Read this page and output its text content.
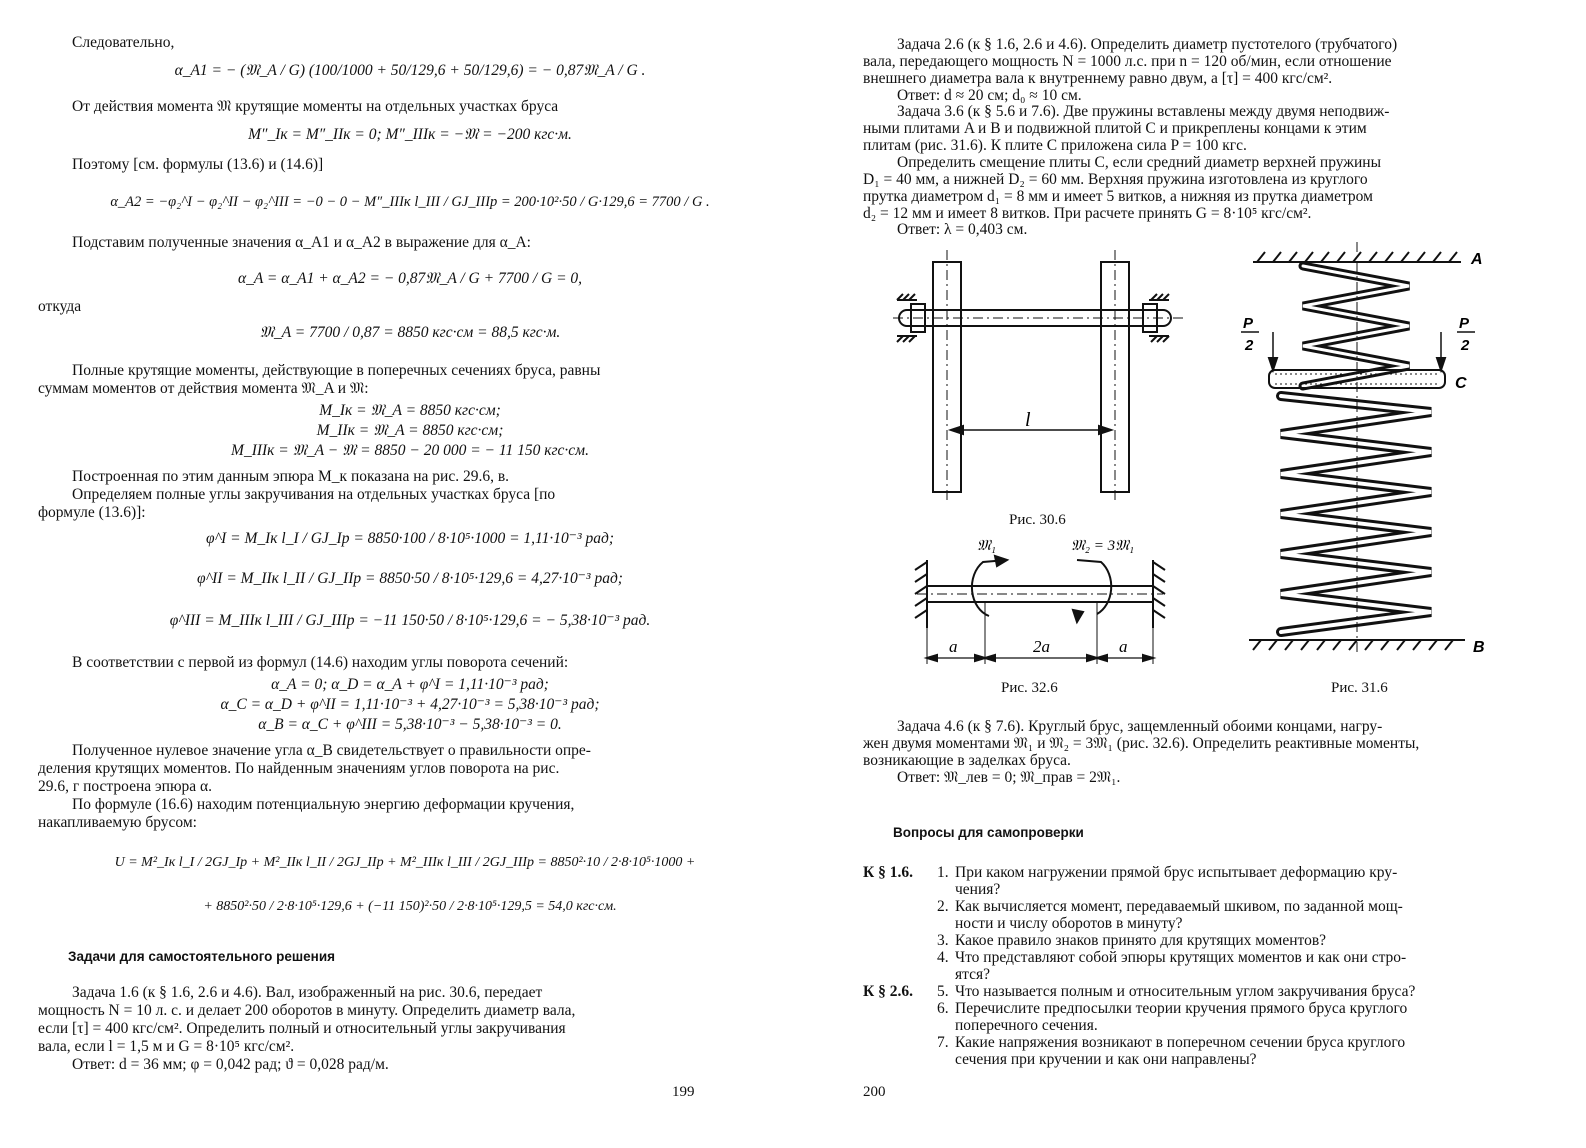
Следовательно,
α_A1 = − (𝔐_A / G) (100/1000 + 50/129,6 + 50/129,6) = − 0,87𝔐_A / G .
От действия момента 𝔐 крутящие моменты на отдельных участках бруса
M″_Iк = M″_IIк = 0; M″_IIIк = −𝔐 = −200 кгс·м.
Поэтому [см. формулы (13.6) и (14.6)]
α_A2 = −φ₂^I − φ₂^II − φ₂^III = −0 − 0 − M″_IIIк l_III / GJ_IIIp = 200·10²·50 / G·129,6 = 7700 / G .
Подставим полученные значения α_A1 и α_A2 в выражение для α_A:
α_A = α_A1 + α_A2 = − 0,87𝔐_A / G + 7700 / G = 0,
откуда
𝔐_A = 7700 / 0,87 = 8850 кгс·см = 88,5 кгс·м.
Полные крутящие моменты, действующие в поперечных сечениях бруса, равны
суммам моментов от действия момента 𝔐_A и 𝔐:
M_Iк = 𝔐_A = 8850 кгс·см;
M_IIк = 𝔐_A = 8850 кгс·см;
M_IIIк = 𝔐_A − 𝔐 = 8850 − 20 000 = − 11 150 кгс·см.
Построенная по этим данным эпюра M_к показана на рис. 29.6, в.
Определяем полные углы закручивания на отдельных участках бруса [по
формуле (13.6)]:
φ^I = M_Iк l_I / GJ_Ip = 8850·100 / 8·10⁵·1000 = 1,11·10⁻³ рад;
φ^II = M_IIк l_II / GJ_IIp = 8850·50 / 8·10⁵·129,6 = 4,27·10⁻³ рад;
φ^III = M_IIIк l_III / GJ_IIIp = −11 150·50 / 8·10⁵·129,6 = − 5,38·10⁻³ рад.
В соответствии с первой из формул (14.6) находим углы поворота сечений:
α_A = 0; α_D = α_A + φ^I = 1,11·10⁻³ рад;
α_C = α_D + φ^II = 1,11·10⁻³ + 4,27·10⁻³ = 5,38·10⁻³ рад;
α_B = α_C + φ^III = 5,38·10⁻³ − 5,38·10⁻³ = 0.
Полученное нулевое значение угла α_B свидетельствует о правильности опре-
деления крутящих моментов. По найденным значениям углов поворота на рис.
29.6, г построена эпюра α.
По формуле (16.6) находим потенциальную энергию деформации кручения,
накапливаемую брусом:
U = M²_Iк l_I / 2GJ_Ip + M²_IIк l_II / 2GJ_IIp + M²_IIIк l_III / 2GJ_IIIp = 8850²·10 / 2·8·10⁵·1000 +
+ 8850²·50 / 2·8·10⁵·129,6 + (−11 150)²·50 / 2·8·10⁵·129,5 = 54,0 кгс·см.
Задачи для самостоятельного решения
Задача 1.6 (к § 1.6, 2.6 и 4.6). Вал, изображенный на рис. 30.6, передает
мощность N = 10 л. с. и делает 200 оборотов в минуту. Определить диаметр вала,
если [τ] = 400 кгс/см². Определить полный и относительный углы закручивания
вала, если l = 1,5 м и G = 8·10⁵ кгс/см².
Ответ: d = 36 мм; φ = 0,042 рад; ϑ = 0,028 рад/м.
199
Задача 2.6 (к § 1.6, 2.6 и 4.6). Определить диаметр пустотелого (трубчатого)
вала, передающего мощность N = 1000 л.с. при n = 120 об/мин, если отношение
внешнего диаметра вала к внутреннему равно двум, а [τ] = 400 кгс/см².
Ответ: d ≈ 20 см; d₀ ≈ 10 см.
Задача 3.6 (к § 5.6 и 7.6). Две пружины вставлены между двумя неподвиж-
ными плитами A и B и подвижной плитой C и прикреплены концами к этим
плитам (рис. 31.6). К плите C приложена сила P = 100 кгс.
Определить смещение плиты C, если средний диаметр верхней пружины
D₁ = 40 мм, а нижней D₂ = 60 мм. Верхняя пружина изготовлена из круглого
прутка диаметром d₁ = 8 мм и имеет 5 витков, а нижняя из прутка диаметром
d₂ = 12 мм и имеет 8 витков. При расчете принять G = 8·10⁵ кгс/см².
Ответ: λ = 0,403 см.
l
Рис. 30.6
𝔐₁	𝔐₂ = 3𝔐₁
a	2a	a
Рис. 32.6
A
B
C
P
2
P
2
Рис. 31.6
Задача 4.6 (к § 7.6). Круглый брус, защемленный обоими концами, нагру-
жен двумя моментами 𝔐₁ и 𝔐₂ = 3𝔐₁ (рис. 32.6). Определить реактивные моменты,
возникающие в заделках бруса.
Ответ: 𝔐_лев = 0; 𝔐_прав = 2𝔐₁.
Вопросы для самопроверки
К § 1.6. 1. При каком нагружении прямой брус испытывает деформацию кру-
чения?
2. Как вычисляется момент, передаваемый шкивом, по заданной мощ-
ности и числу оборотов в минуту?
3. Какое правило знаков принято для крутящих моментов?
4. Что представляют собой эпюры крутящих моментов и как они стро-
ятся?
К § 2.6. 5. Что называется полным и относительным углом закручивания бруса?
6. Перечислите предпосылки теории кручения прямого бруса круглого
поперечного сечения.
7. Какие напряжения возникают в поперечном сечении бруса круглого
сечения при кручении и как они направлены?
200
